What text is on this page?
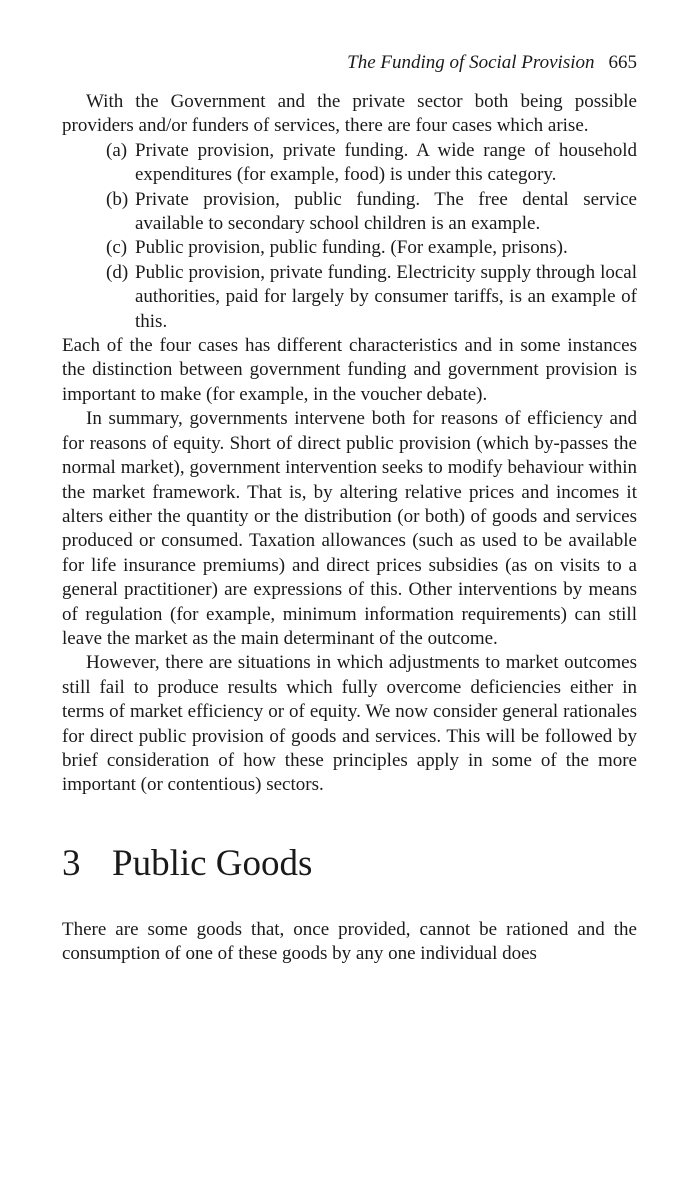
The Funding of Social Provision 665

With the Government and the private sector both being possible providers and/or funders of services, there are four cases which arise.

(a) Private provision, private funding. A wide range of household expenditures (for example, food) is under this category.
(b) Private provision, public funding. The free dental service available to secondary school children is an example.
(c) Public provision, public funding. (For example, prisons).
(d) Public provision, private funding. Electricity supply through local authorities, paid for largely by consumer tariffs, is an example of this.

Each of the four cases has different characteristics and in some instances the distinction between government funding and government provision is important to make (for example, in the voucher debate).

In summary, governments intervene both for reasons of efficiency and for reasons of equity. Short of direct public provision (which by-passes the normal market), government intervention seeks to modify behaviour within the market framework. That is, by altering relative prices and incomes it alters either the quantity or the distribution (or both) of goods and services produced or consumed. Taxation allowances (such as used to be available for life insurance premiums) and direct prices subsidies (as on visits to a general practitioner) are expressions of this. Other interventions by means of regulation (for example, minimum information requirements) can still leave the market as the main determinant of the outcome.

However, there are situations in which adjustments to market outcomes still fail to produce results which fully overcome deficiencies either in terms of market efficiency or of equity. We now consider general rationales for direct public provision of goods and services. This will be followed by brief consideration of how these principles apply in some of the more important (or contentious) sectors.

3 Public Goods

There are some goods that, once provided, cannot be rationed and the consumption of one of these goods by any one individual does
